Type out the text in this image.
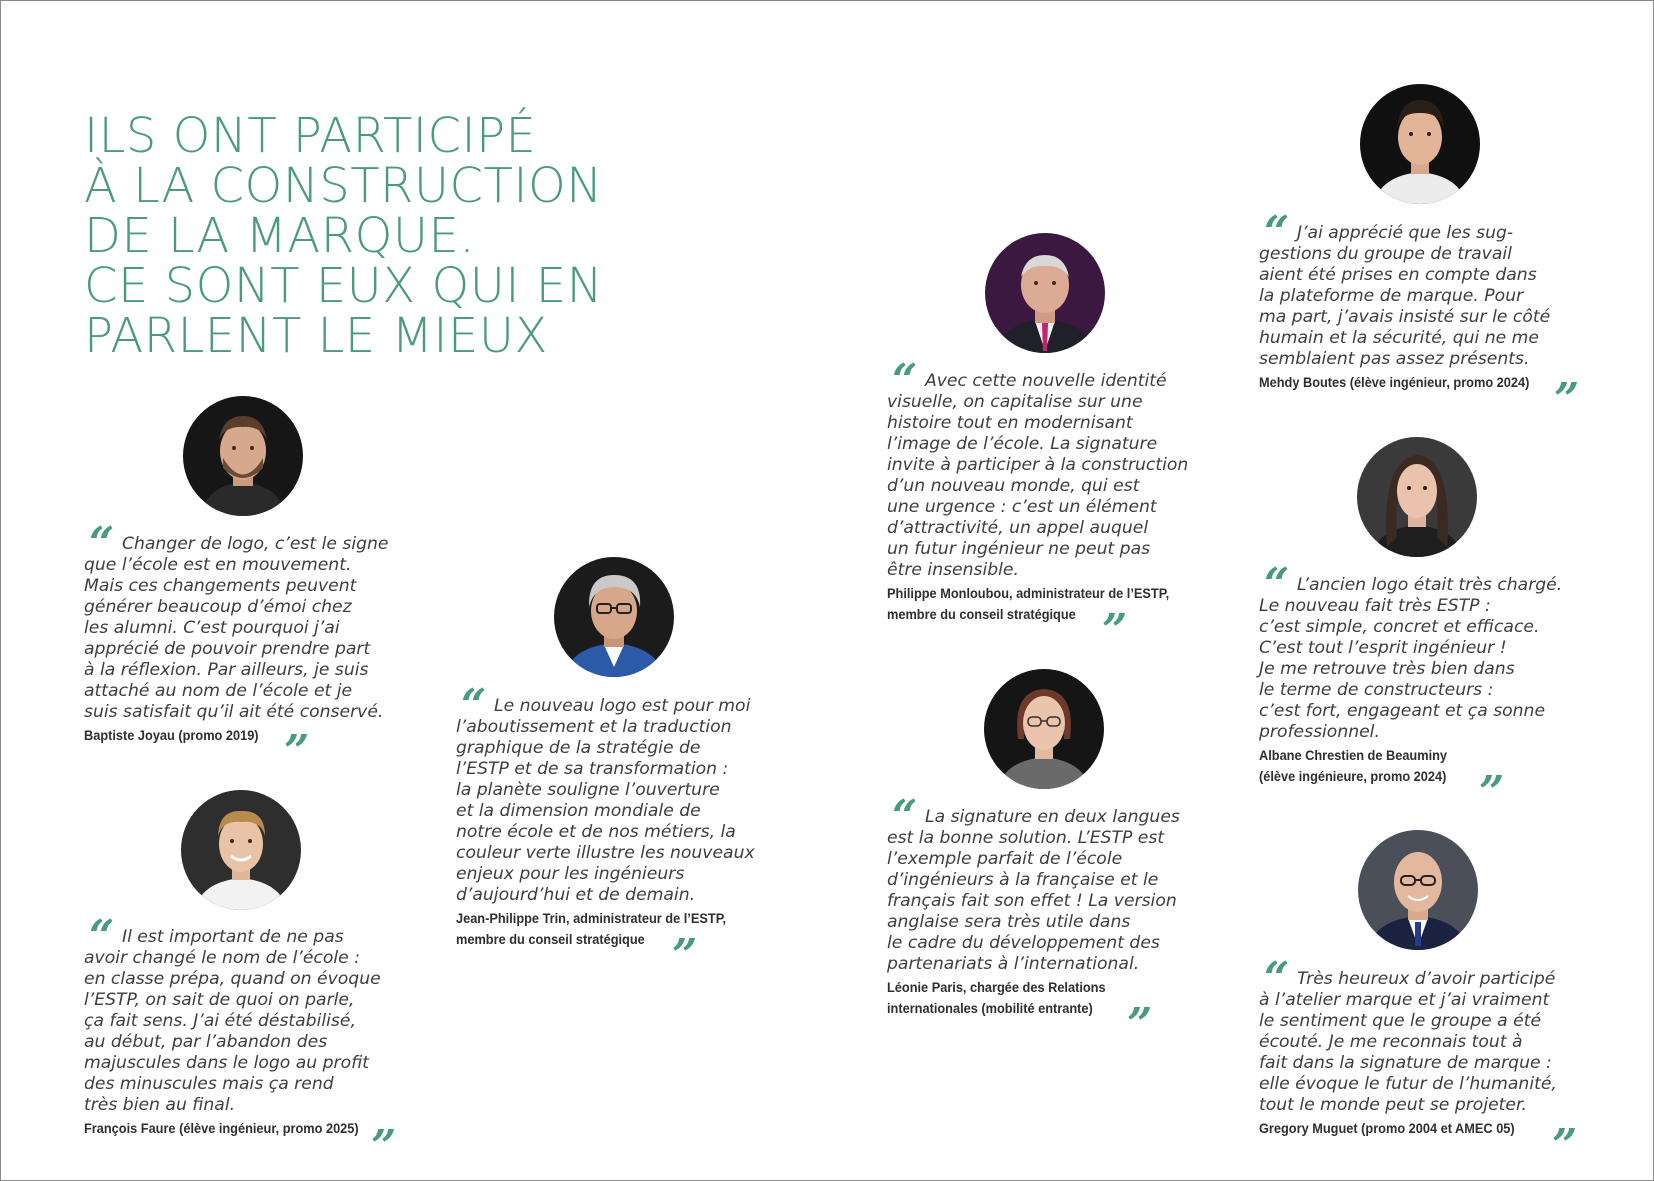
ILS ONT PARTICIPÉ
À LA CONSTRUCTION
DE LA MARQUE.
CE SONT EUX QUI EN
PARLENT LE MIEUX
“ Changer de logo, c’est le signe
que l’école est en mouvement.
Mais ces changements peuvent
générer beaucoup d’émoi chez
les alumni. C’est pourquoi j’ai
apprécié de pouvoir prendre part
à la réflexion. Par ailleurs, je suis
attaché au nom de l’école et je
suis satisfait qu’il ait été conservé.

Baptiste Joyau (promo 2019) ”
“ Il est important de ne pas
avoir changé le nom de l’école :
en classe prépa, quand on évoque
l’ESTP, on sait de quoi on parle,
ça fait sens. J’ai été déstabilisé,
au début, par l’abandon des
majuscules dans le logo au profit
des minuscules mais ça rend
très bien au final.

François Faure (élève ingénieur, promo 2025) ”
“ Le nouveau logo est pour moi
l’aboutissement et la traduction
graphique de la stratégie de
l’ESTP et de sa transformation :
la planète souligne l’ouverture
et la dimension mondiale de
notre école et de nos métiers, la
couleur verte illustre les nouveaux
enjeux pour les ingénieurs
d’aujourd’hui et de demain.

Jean-Philippe Trin, administrateur de l’ESTP,
membre du conseil stratégique ”
“ Avec cette nouvelle identité
visuelle, on capitalise sur une
histoire tout en modernisant
l’image de l’école. La signature
invite à participer à la construction
d’un nouveau monde, qui est
une urgence : c’est un élément
d’attractivité, un appel auquel
un futur ingénieur ne peut pas
être insensible.

Philippe Monloubou, administrateur de l’ESTP,
membre du conseil stratégique ”
“ La signature en deux langues
est la bonne solution. L’ESTP est
l’exemple parfait de l’école
d’ingénieurs à la française et le
français fait son effet ! La version
anglaise sera très utile dans
le cadre du développement des
partenariats à l’international.

Léonie Paris, chargée des Relations
internationales (mobilité entrante) ”
“ J’ai apprécié que les sug-
gestions du groupe de travail
aient été prises en compte dans
la plateforme de marque. Pour
ma part, j’avais insisté sur le côté
humain et la sécurité, qui ne me
semblaient pas assez présents.

Mehdy Boutes (élève ingénieur, promo 2024) ”
“ L’ancien logo était très chargé.
Le nouveau fait très ESTP :
c’est simple, concret et efficace.
C’est tout l’esprit ingénieur !
Je me retrouve très bien dans
le terme de constructeurs :
c’est fort, engageant et ça sonne
professionnel.

Albane Chrestien de Beauminy
(élève ingénieure, promo 2024) ”
“ Très heureux d’avoir participé
à l’atelier marque et j’ai vraiment
le sentiment que le groupe a été
écouté. Je me reconnais tout à
fait dans la signature de marque :
elle évoque le futur de l’humanité,
tout le monde peut se projeter.

Gregory Muguet (promo 2004 et AMEC 05) ”
